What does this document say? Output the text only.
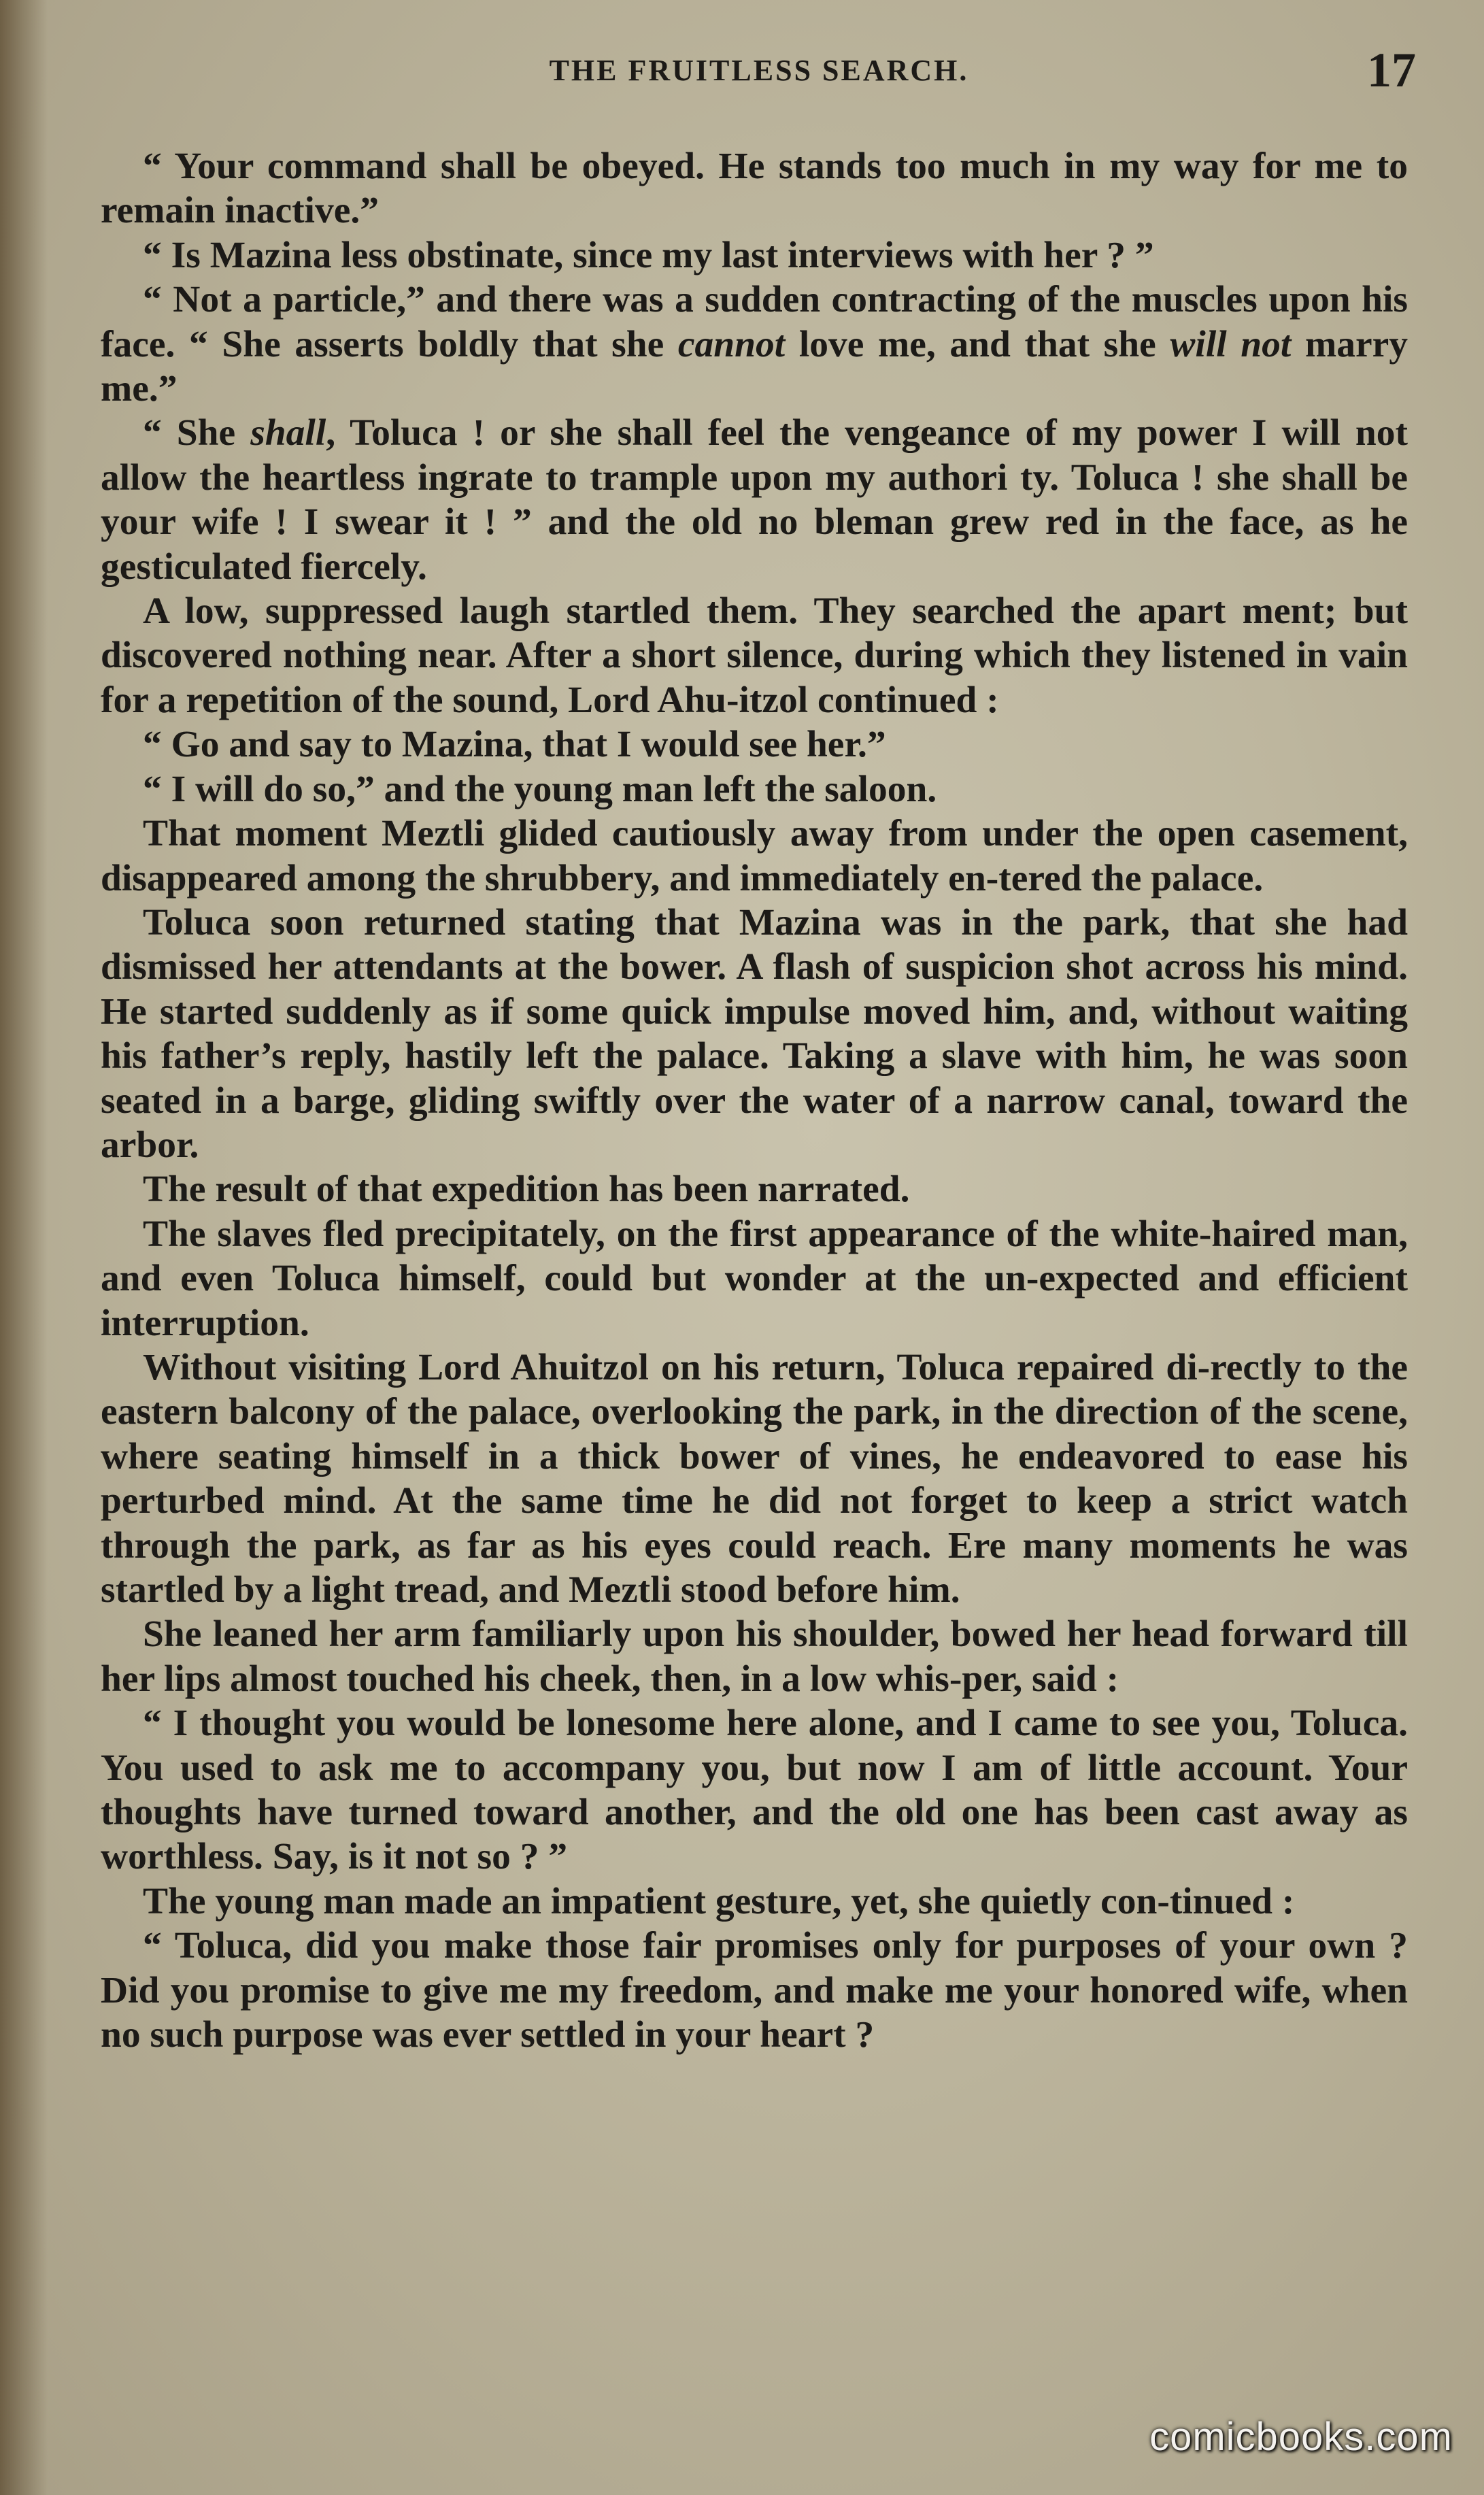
THE FRUITLESS SEARCH.	17

“ Your command shall be obeyed. He stands too much in my way for me to remain inactive.”

“ Is Mazina less obstinate, since my last interviews with her ? ”

“ Not a particle,” and there was a sudden contracting of the muscles upon his face. “ She asserts boldly that she cannot love me, and that she will not marry me.”

“ She shall, Toluca ! or she shall feel the vengeance of my power I will not allow the heartless ingrate to trample upon my authori ty. Toluca ! she shall be your wife ! I swear it ! ” and the old no bleman grew red in the face, as he gesticulated fiercely.

A low, suppressed laugh startled them. They searched the apart ment; but discovered nothing near. After a short silence, during which they listened in vain for a repetition of the sound, Lord Ahu-itzol continued :

“ Go and say to Mazina, that I would see her.”

“ I will do so,” and the young man left the saloon.

That moment Meztli glided cautiously away from under the open casement, disappeared among the shrubbery, and immediately en-tered the palace.

Toluca soon returned stating that Mazina was in the park, that she had dismissed her attendants at the bower. A flash of suspicion shot across his mind. He started suddenly as if some quick impulse moved him, and, without waiting his father’s reply, hastily left the palace. Taking a slave with him, he was soon seated in a barge, gliding swiftly over the water of a narrow canal, toward the arbor.

The result of that expedition has been narrated.

The slaves fled precipitately, on the first appearance of the white-haired man, and even Toluca himself, could but wonder at the un-expected and efficient interruption.

Without visiting Lord Ahuitzol on his return, Toluca repaired di-rectly to the eastern balcony of the palace, overlooking the park, in the direction of the scene, where seating himself in a thick bower of vines, he endeavored to ease his perturbed mind. At the same time he did not forget to keep a strict watch through the park, as far as his eyes could reach. Ere many moments he was startled by a light tread, and Meztli stood before him.

She leaned her arm familiarly upon his shoulder, bowed her head forward till her lips almost touched his cheek, then, in a low whis-per, said :

“ I thought you would be lonesome here alone, and I came to see you, Toluca. You used to ask me to accompany you, but now I am of little account. Your thoughts have turned toward another, and the old one has been cast away as worthless. Say, is it not so ? ”

The young man made an impatient gesture, yet, she quietly con-tinued :

“ Toluca, did you make those fair promises only for purposes of your own ? Did you promise to give me my freedom, and make me your honored wife, when no such purpose was ever settled in your heart ?

comicbooks.com
